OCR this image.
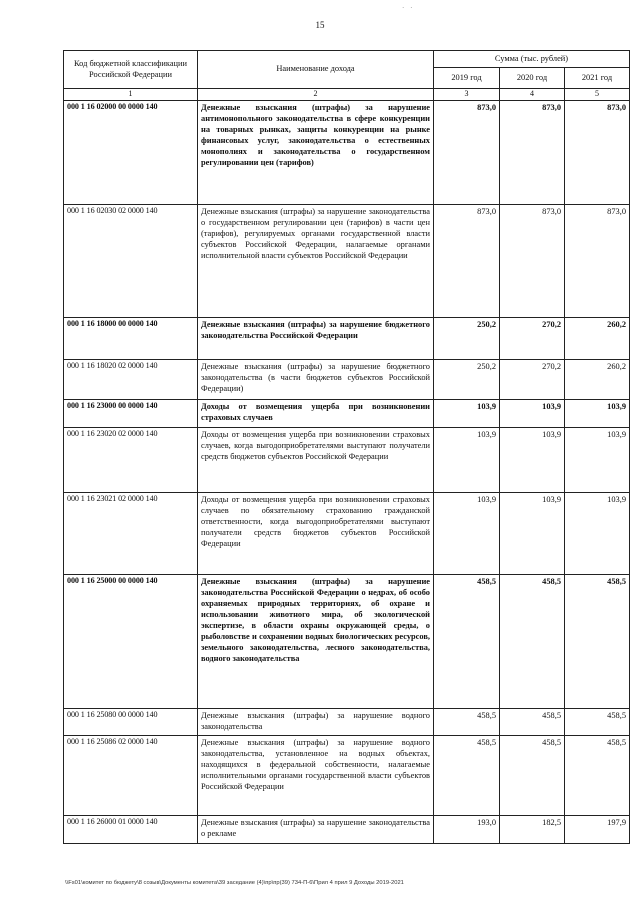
· ·
15
Код бюджетной классификации Российской Федерации	Наименование дохода	Сумма (тыс. рублей)		
		2019 год	2020 год	2021 год
1	2	3	4	5
000 1 16 02000 00 0000 140	Денежные взыскания (штрафы) за нарушение антимонопольного законодательства в сфере конкуренции на товарных рынках, защиты конкуренции на рынке финансовых услуг, законодательства о естественных монополиях и законодательства о государственном регулировании цен (тарифов)	873,0	873,0	873,0
000 1 16 02030 02 0000 140	Денежные взыскания (штрафы) за нарушение законодательства о государственном регулировании цен (тарифов) в части цен (тарифов), регулируемых органами государственной власти субъектов Российской Федерации, налагаемые органами исполнительной власти субъектов Российской Федерации	873,0	873,0	873,0
000 1 16 18000 00 0000 140	Денежные взыскания (штрафы) за нарушение бюджетного законодательства Российской Федерации	250,2	270,2	260,2
000 1 16 18020 02 0000 140	Денежные взыскания (штрафы) за нарушение бюджетного законодательства (в части бюджетов субъектов Российской Федерации)	250,2	270,2	260,2
000 1 16 23000 00 0000 140	Доходы от возмещения ущерба при возникновении страховых случаев	103,9	103,9	103,9
000 1 16 23020 02 0000 140	Доходы от возмещения ущерба при возникновении страховых случаев, когда выгодоприобретателями выступают получатели средств бюджетов субъектов Российской Федерации	103,9	103,9	103,9
000 1 16 23021 02 0000 140	Доходы от возмещения ущерба при возникновении страховых случаев по обязательному страхованию гражданской ответственности, когда выгодоприобретателями выступают получатели средств бюджетов субъектов Российской Федерации	103,9	103,9	103,9
000 1 16 25000 00 0000 140	Денежные взыскания (штрафы) за нарушение законодательства Российской Федерации о недрах, об особо охраняемых природных территориях, об охране и использовании животного мира, об экологической экспертизе, в области охраны окружающей среды, о рыболовстве и сохранении водных биологических ресурсов, земельного законодательства, лесного законодательства, водного законодательства	458,5	458,5	458,5
000 1 16 25080 00 0000 140	Денежные взыскания (штрафы) за нарушение водного законодательства	458,5	458,5	458,5
000 1 16 25086 02 0000 140	Денежные взыскания (штрафы) за нарушение водного законодательства, установленное на водных объектах, находящихся в федеральной собственности, налагаемые исполнительными органами государственной власти субъектов Российской Федерации	458,5	458,5	458,5
000 1 16 26000 01 0000 140	Денежные взыскания (штрафы) за нарушение законодательства о рекламе	193,0	182,5	197,9
\\Fs01\комитет по бюджету\8 созыв\Документы комитета\39 заседание (4)\пр\пр(39) 734-П-6\Прил 4 прил 9 Доходы 2019-2021
